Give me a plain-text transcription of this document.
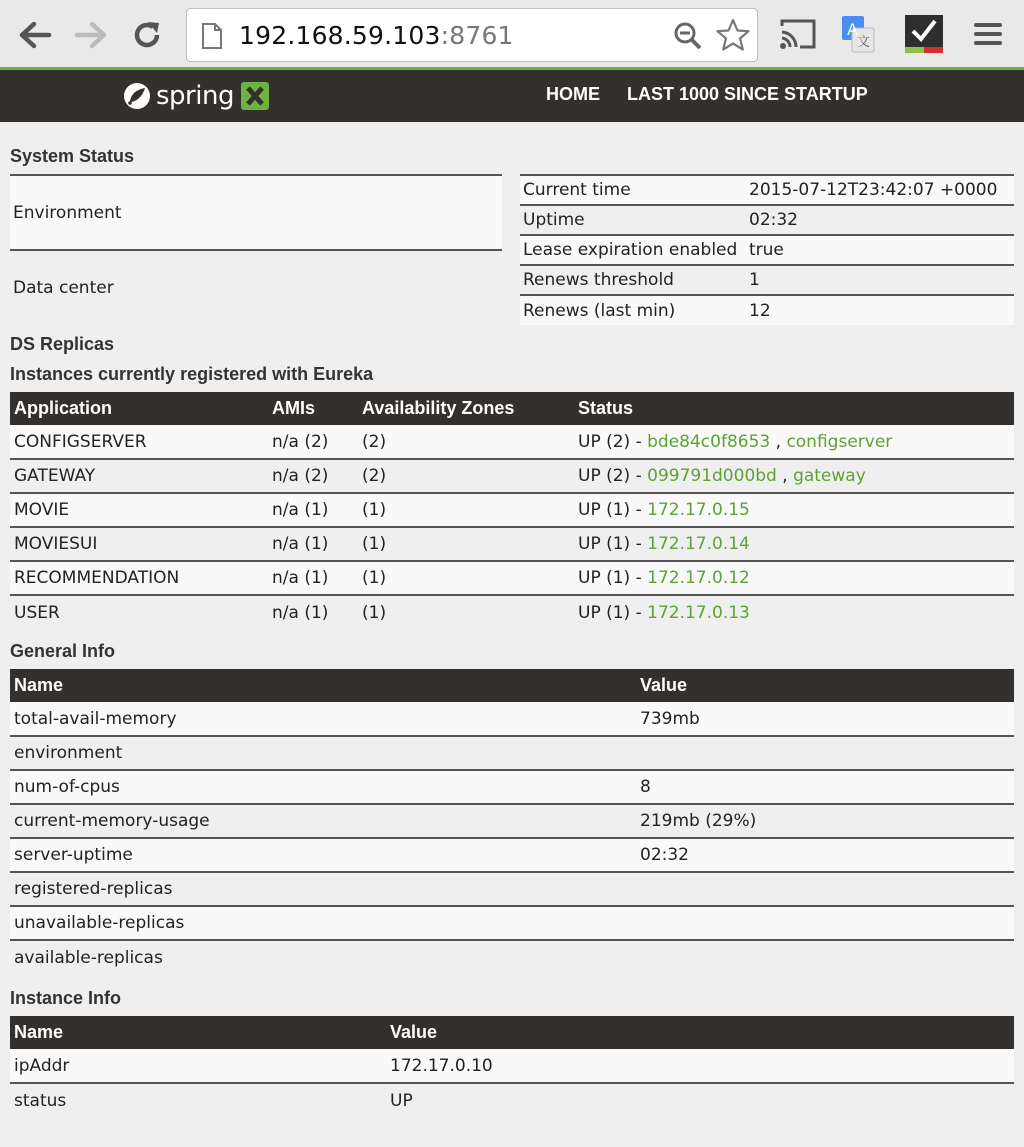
192.168.59.103:8761	A
文
spring	HOME LAST 1000 SINCE STARTUP
System Status
Environment
Data center
Current time	2015-07-12T23:42:07 +0000
Uptime	02:32
Lease expiration enabled	true
Renews threshold	1
Renews (last min)	12
DS Replicas
Instances currently registered with Eureka
Application	AMIs	Availability Zones	Status
CONFIGSERVER	n/a (2)	(2)	UP (2) - bde84c0f8653 , configserver
GATEWAY	n/a (2)	(2)	UP (2) - 099791d000bd , gateway
MOVIE	n/a (1)	(1)	UP (1) - 172.17.0.15
MOVIESUI	n/a (1)	(1)	UP (1) - 172.17.0.14
RECOMMENDATION	n/a (1)	(1)	UP (1) - 172.17.0.12
USER	n/a (1)	(1)	UP (1) - 172.17.0.13
General Info
Name	Value
total-avail-memory	739mb
environment	
num-of-cpus	8
current-memory-usage	219mb (29%)
server-uptime	02:32
registered-replicas	
unavailable-replicas	
available-replicas	
Instance Info
Name	Value
ipAddr	172.17.0.10
status	UP
